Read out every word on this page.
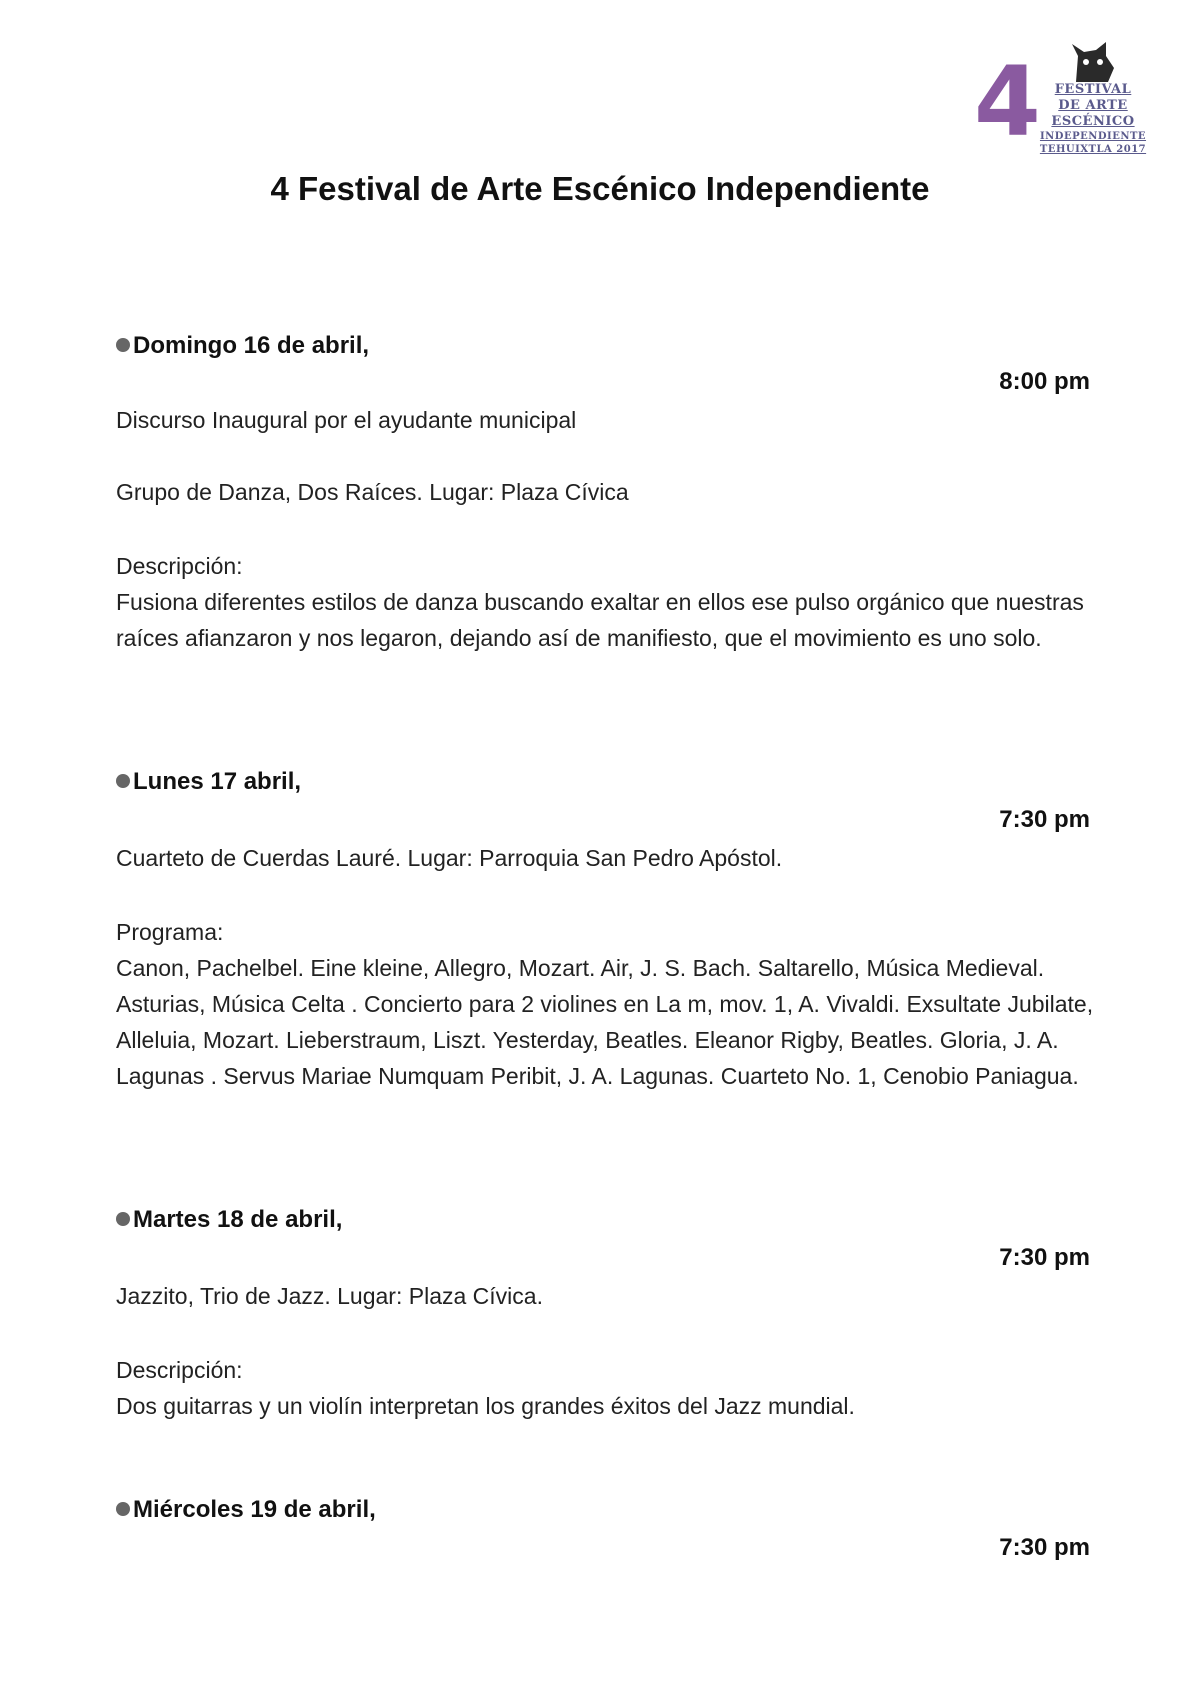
4	FESTIVAL
DE ARTE
ESCÉNICO
INDEPENDIENTE
TEHUIXTLA 2017
4 Festival de Arte Escénico Independiente
Domingo 16 de abril,
8:00 pm
Discurso Inaugural por el ayudante municipal
Grupo de Danza, Dos Raíces. Lugar: Plaza Cívica
Descripción:
Fusiona diferentes estilos de danza buscando exaltar en ellos ese pulso orgánico que nuestras raíces afianzaron y nos legaron, dejando así de manifiesto, que el movimiento es uno solo.
Lunes 17 abril,
7:30 pm
Cuarteto de Cuerdas Lauré. Lugar: Parroquia San Pedro Apóstol.
Programa:
Canon, Pachelbel. Eine kleine, Allegro, Mozart. Air, J. S. Bach. Saltarello, Música Medieval. Asturias, Música Celta . Concierto para 2 violines en La m, mov. 1, A. Vivaldi. Exsultate Jubilate, Alleluia, Mozart. Lieberstraum, Liszt. Yesterday, Beatles. Eleanor Rigby, Beatles. Gloria, J. A. Lagunas . Servus Mariae Numquam Peribit, J. A. Lagunas. Cuarteto No. 1, Cenobio Paniagua.
Martes 18 de abril,
7:30 pm
Jazzito, Trio de Jazz. Lugar: Plaza Cívica.
Descripción:
Dos guitarras y un violín interpretan los grandes éxitos del Jazz mundial.
Miércoles 19 de abril,
7:30 pm
